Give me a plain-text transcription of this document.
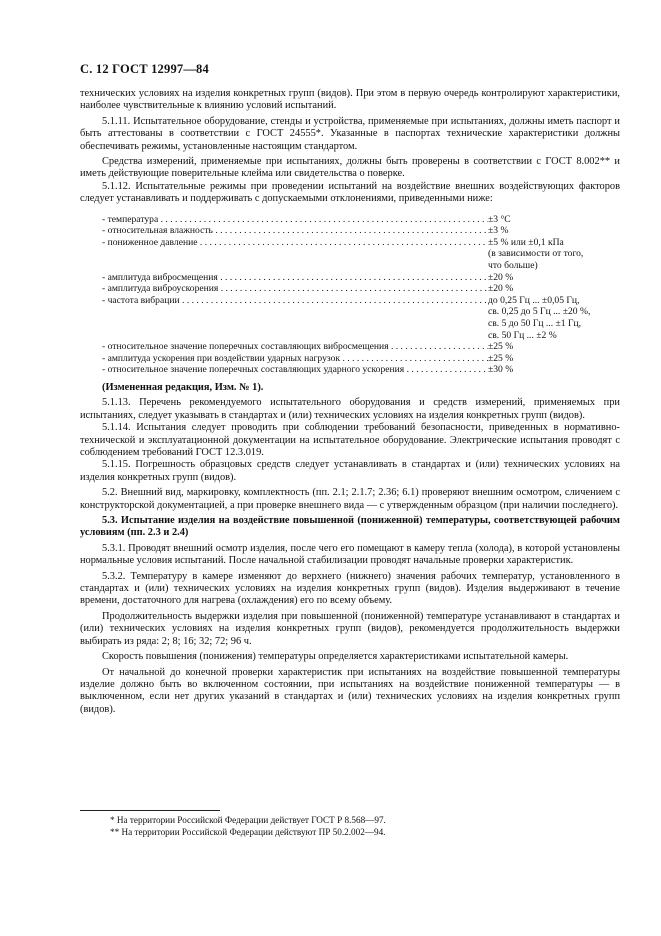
С. 12 ГОСТ 12997—84

технических условиях на изделия конкретных групп (видов). При этом в первую очередь контролируют характеристики, наиболее чувствительные к влиянию условий испытаний.

5.1.11. Испытательное оборудование, стенды и устройства, применяемые при испытаниях, должны иметь паспорт и быть аттестованы в соответствии с ГОСТ 24555*. Указанные в паспортах технические характеристики должны обеспечивать режимы, установленные настоящим стандартом.

Средства измерений, применяемые при испытаниях, должны быть проверены в соответствии с ГОСТ 8.002** и иметь действующие поверительные клейма или свидетельства о поверке.

5.1.12. Испытательные режимы при проведении испытаний на воздействие внешних воздействующих факторов следует устанавливать и поддерживать с допускаемыми отклонениями, приведенными ниже:

- температура . . .	±3 °С
- относительная влажность . . .	±3 %
- пониженное давление . . .	±5 % или ±0,1 кПа
(в зависимости от того,
что больше)
- амплитуда виброcмещения . . .	±20 %
- амплитуда виброускорения . . .	±20 %
- частота вибрации . . .	до 0,25 Гц ... ±0,05 Гц,
св. 0,25 до 5 Гц ... ±20 %,
св. 5 до 50 Гц ... ±1 Гц,
св. 50 Гц ... ±2 %
- относительное значение поперечных составляющих виброcмещения . . .	±25 %
- амплитуда ускорения при воздействии ударных нагрузок . . .	±25 %
- относительное значение поперечных составляющих ударного ускорения . . .	±30 %

(Измененная редакция, Изм. № 1).

5.1.13. Перечень рекомендуемого испытательного оборудования и средств измерений, применяемых при испытаниях, следует указывать в стандартах и (или) технических условиях на изделия конкретных групп (видов).

5.1.14. Испытания следует проводить при соблюдении требований безопасности, приведенных в нормативно-технической и эксплуатационной документации на испытательное оборудование. Электрические испытания проводят с соблюдением требований ГОСТ 12.3.019.

5.1.15. Погрешность образцовых средств следует устанавливать в стандартах и (или) технических условиях на изделия конкретных групп (видов).

5.2. Внешний вид, маркировку, комплектность (пп. 2.1; 2.1.7; 2.36; 6.1) проверяют внешним осмотром, сличением с конструкторской документацией, а при проверке внешнего вида — с утвержденным образцом (при наличии последнего).

5.3. Испытание изделия на воздействие повышенной (пониженной) температуры, соответствующей рабочим условиям (пп. 2.3 и 2.4)

5.3.1. Проводят внешний осмотр изделия, после чего его помещают в камеру тепла (холода), в которой установлены нормальные условия испытаний. После начальной стабилизации проводят начальные проверки характеристик.

5.3.2. Температуру в камере изменяют до верхнего (нижнего) значения рабочих температур, установленного в стандартах и (или) технических условиях на изделия конкретных групп (видов). Изделия выдерживают в течение времени, достаточного для нагрева (охлаждения) его по всему объему.

Продолжительность выдержки изделия при повышенной (пониженной) температуре устанавливают в стандартах и (или) технических условиях на изделия конкретных групп (видов), рекомендуется продолжительность выдержки выбирать из ряда: 2; 8; 16; 32; 72; 96 ч.

Скорость повышения (понижения) температуры определяется характеристиками испытательной камеры.

От начальной до конечной проверки характеристик при испытаниях на воздействие повышенной температуры изделие должно быть во включенном состоянии, при испытаниях на воздействие пониженной температуры — в выключенном, если нет других указаний в стандартах и (или) технических условиях на изделия конкретных групп (видов).

* На территории Российской Федерации действует ГОСТ Р 8.568—97.
** На территории Российской Федерации действуют ПР 50.2.002—94.
